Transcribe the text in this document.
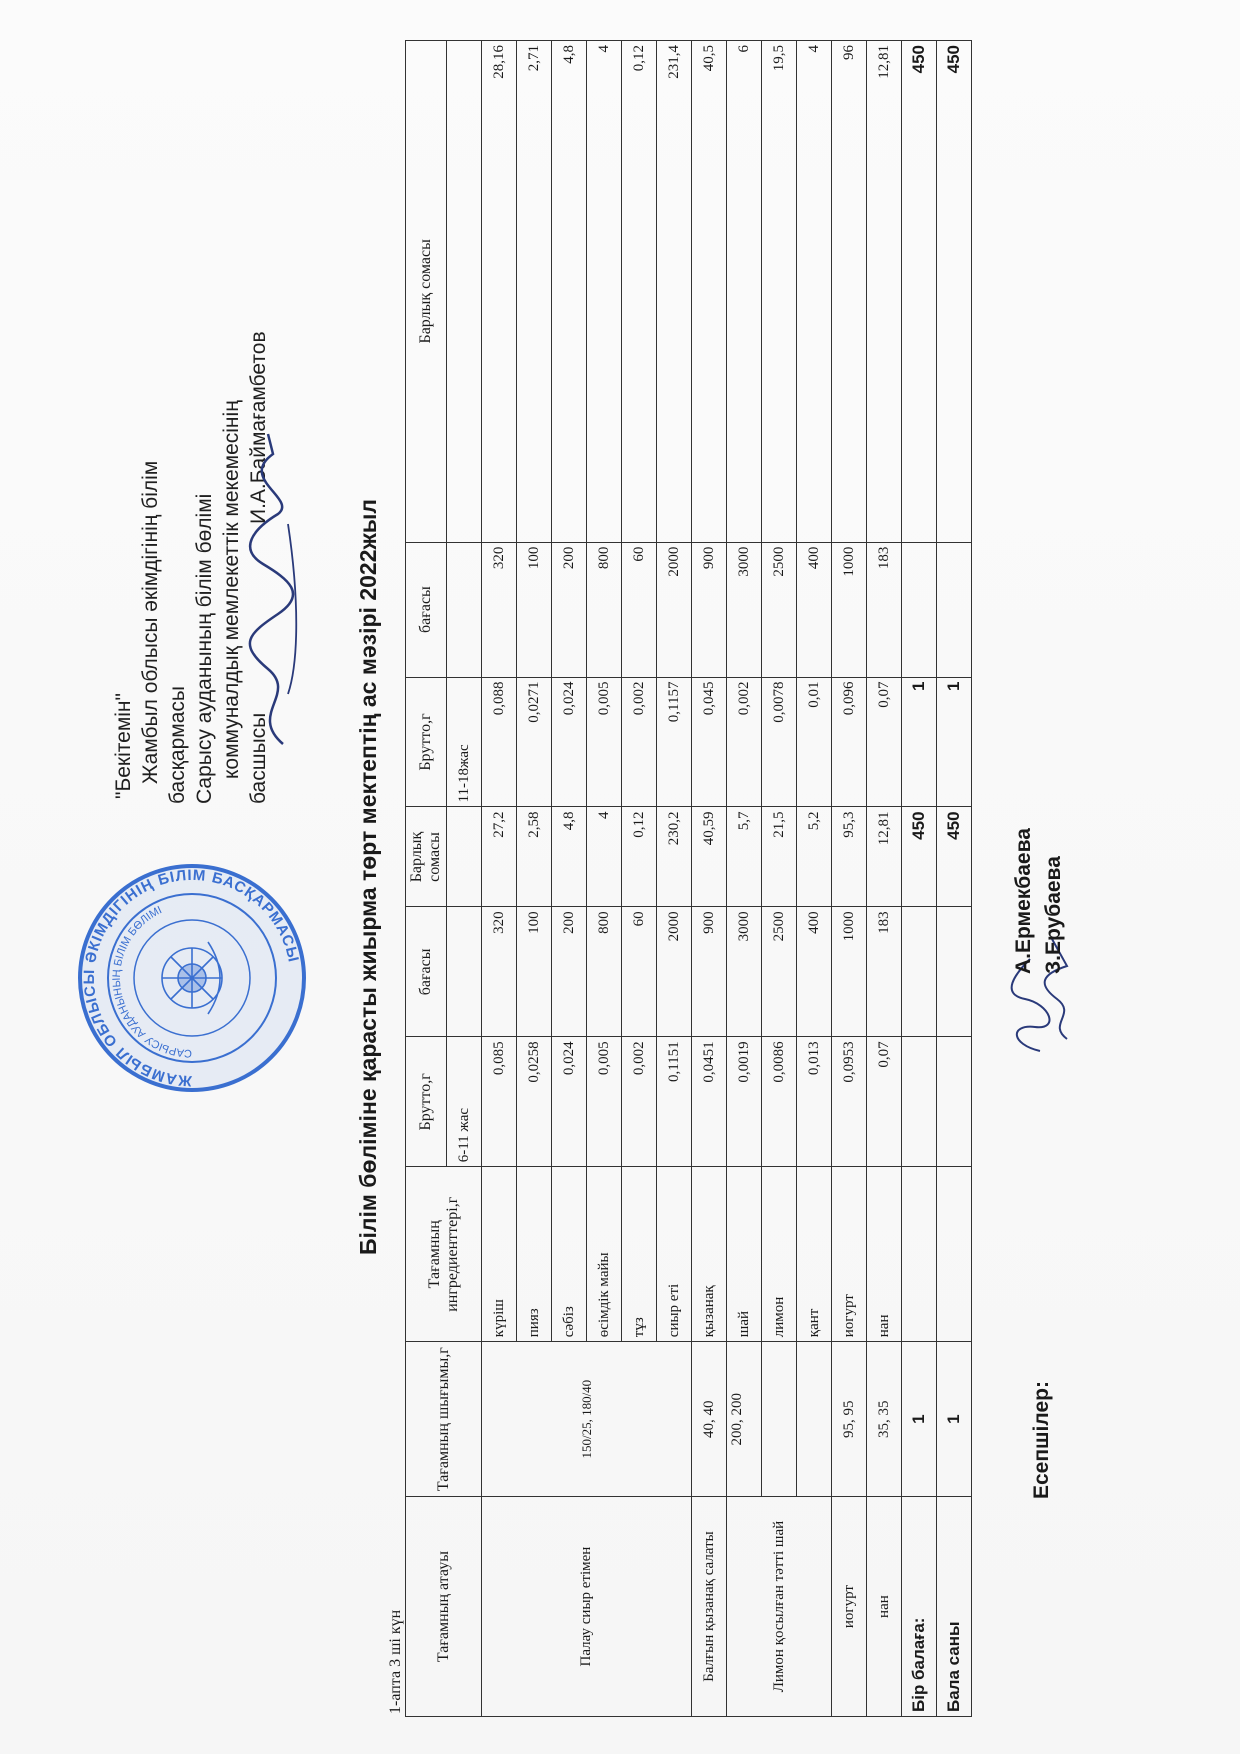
ЖАМБЫЛ ОБЛЫСЫ ӘКІМДІГІНІҢ БІЛІМ БАСҚАРМАСЫ
САРЫСУ АУДАНЫНЫҢ БІЛІМ БӨЛІМІ
"Бекітемін" Жамбыл облысы әкімдігінің білім басқармасы Сарысу ауданының білім бөлімі коммуналдық мемлекеттік мекемесінің басшысы
И.А.Баймағамбетов
Білім бөліміне қарасты жиырма төрт мектептің ас мәзірі 2022жыл
1-апта 3 ші күн Тағамның атауы	Тағамның шығымы,г	Тағамның ингредиенттері,г	Брутто,г	бағасы	Барлық сомасы	Брутто,г	бағасы	Барлық сомасы
			6-11 жас			11-18жас		
Палау сиыр етімен	150/25, 180/40	күріш	0,085	320	27,2	0,088	320	28,16
		пияз	0,0258	100	2,58	0,0271	100	2,71
		сәбіз	0,024	200	4,8	0,024	200	4,8
		өсімдік майы	0,005	800	4	0,005	800	4
		тұз	0,002	60	0,12	0,002	60	0,12
		сиыр еті	0,1151	2000	230,2	0,1157	2000	231,4
Балғын қызанақ салаты	40, 40	қызанақ	0,0451	900	40,59	0,045	900	40,5
Лимон қосылған тәтті шай	200, 200	шай	0,0019	3000	5,7	0,002	3000	6
		лимон	0,0086	2500	21,5	0,0078	2500	19,5
		қант	0,013	400	5,2	0,01	400	4
иогурт	95, 95	иогурт	0,0953	1000	95,3	0,096	1000	96
нан	35, 35	нан	0,07	183	12,81	0,07	183	12,81
Бір балаға:	1				450	1		450
Бала саны	1				450	1		450
Есепшілер:
А.Ермекбаева З.Ерубаева
